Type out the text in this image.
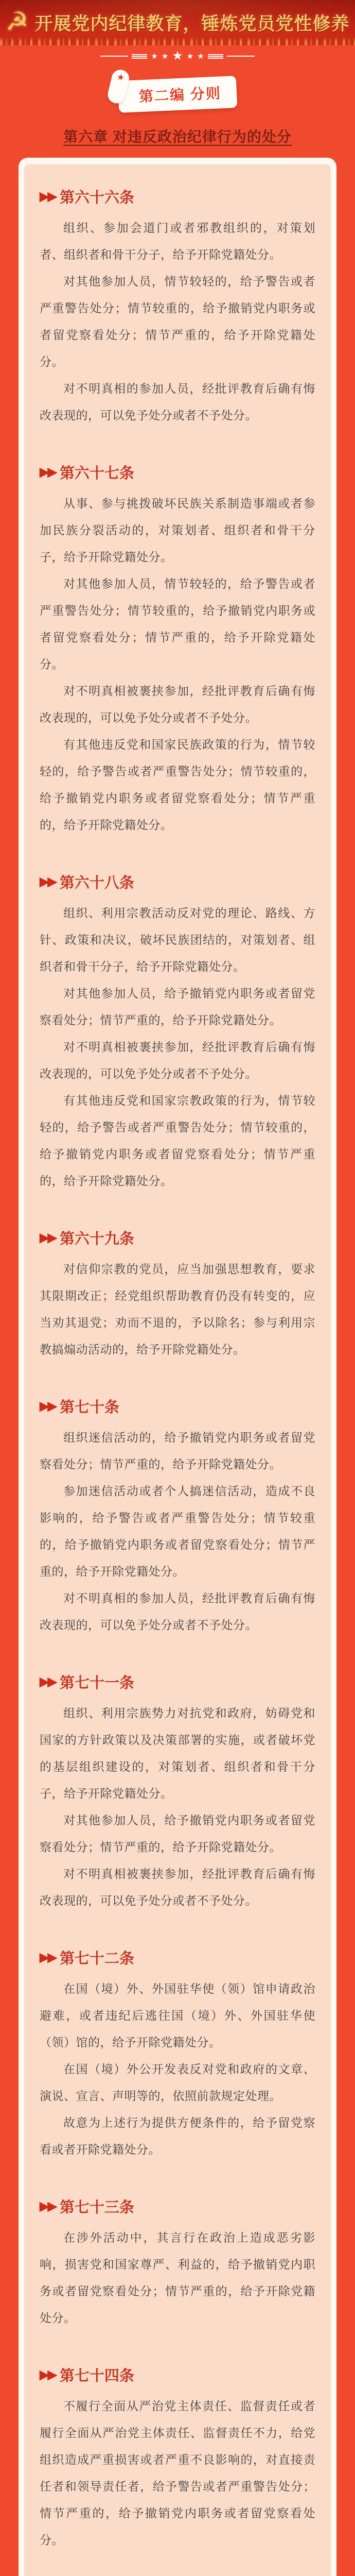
☭ 开展党内纪律教育，锤炼党员党性修养
★ ★ ★ ★ ★
★
第二编 分则
第六章 对违反政治纪律行为的处分
▶▶ 第六十六条

组织、参加会道门或者邪教组织的，对策划者、组织者和骨干分子，给予开除党籍处分。

对其他参加人员，情节较轻的，给予警告或者严重警告处分；情节较重的，给予撤销党内职务或者留党察看处分；情节严重的，给予开除党籍处分。

对不明真相的参加人员，经批评教育后确有悔改表现的，可以免予处分或者不予处分。

▶▶ 第六十七条

从事、参与挑拨破坏民族关系制造事端或者参加民族分裂活动的，对策划者、组织者和骨干分子，给予开除党籍处分。

对其他参加人员，情节较轻的，给予警告或者严重警告处分；情节较重的，给予撤销党内职务或者留党察看处分；情节严重的，给予开除党籍处分。

对不明真相被裹挟参加，经批评教育后确有悔改表现的，可以免予处分或者不予处分。

有其他违反党和国家民族政策的行为，情节较轻的，给予警告或者严重警告处分；情节较重的，给予撤销党内职务或者留党察看处分；情节严重的，给予开除党籍处分。

▶▶ 第六十八条

组织、利用宗教活动反对党的理论、路线、方针、政策和决议，破坏民族团结的，对策划者、组织者和骨干分子，给予开除党籍处分。

对其他参加人员，给予撤销党内职务或者留党察看处分；情节严重的，给予开除党籍处分。

对不明真相被裹挟参加，经批评教育后确有悔改表现的，可以免予处分或者不予处分。

有其他违反党和国家宗教政策的行为，情节较轻的，给予警告或者严重警告处分；情节较重的，给予撤销党内职务或者留党察看处分；情节严重的，给予开除党籍处分。

▶▶ 第六十九条

对信仰宗教的党员，应当加强思想教育，要求其限期改正；经党组织帮助教育仍没有转变的，应当劝其退党；劝而不退的，予以除名；参与利用宗教搞煽动活动的，给予开除党籍处分。

▶▶ 第七十条

组织迷信活动的，给予撤销党内职务或者留党察看处分；情节严重的，给予开除党籍处分。

参加迷信活动或者个人搞迷信活动，造成不良影响的，给予警告或者严重警告处分；情节较重的，给予撤销党内职务或者留党察看处分；情节严重的，给予开除党籍处分。

对不明真相的参加人员，经批评教育后确有悔改表现的，可以免予处分或者不予处分。

▶▶ 第七十一条

组织、利用宗族势力对抗党和政府，妨碍党和国家的方针政策以及决策部署的实施，或者破坏党的基层组织建设的，对策划者、组织者和骨干分子，给予开除党籍处分。

对其他参加人员，给予撤销党内职务或者留党察看处分；情节严重的，给予开除党籍处分。

对不明真相被裹挟参加，经批评教育后确有悔改表现的，可以免予处分或者不予处分。

▶▶ 第七十二条

在国（境）外、外国驻华使（领）馆申请政治避难，或者违纪后逃往国（境）外、外国驻华使（领）馆的，给予开除党籍处分。

在国（境）外公开发表反对党和政府的文章、演说、宣言、声明等的，依照前款规定处理。

故意为上述行为提供方便条件的，给予留党察看或者开除党籍处分。

▶▶ 第七十三条

在涉外活动中，其言行在政治上造成恶劣影响，损害党和国家尊严、利益的，给予撤销党内职务或者留党察看处分；情节严重的，给予开除党籍处分。

▶▶ 第七十四条

不履行全面从严治党主体责任、监督责任或者履行全面从严治党主体责任、监督责任不力，给党组织造成严重损害或者严重不良影响的，对直接责任者和领导责任者，给予警告或者严重警告处分；情节严重的，给予撤销党内职务或者留党察看处分。
